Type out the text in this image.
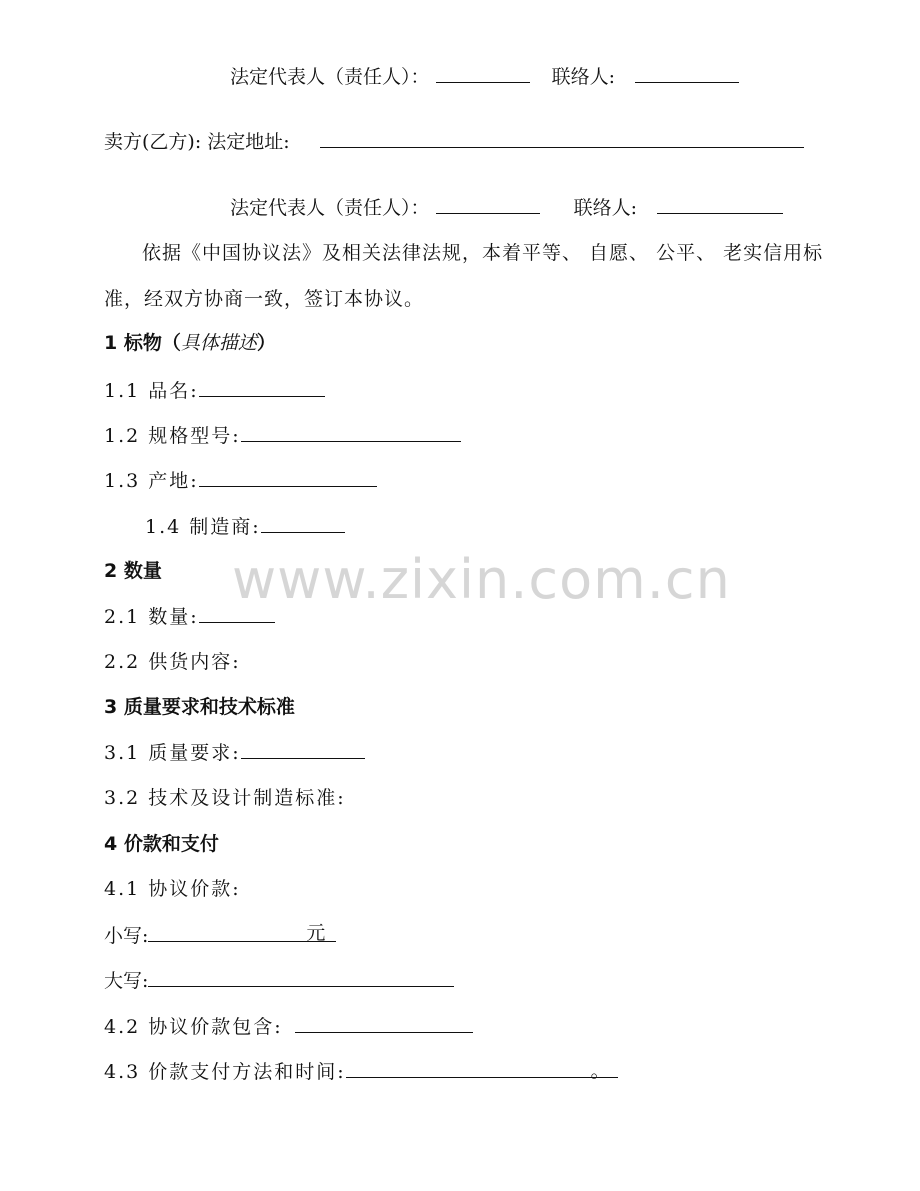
法定代表人（责任人）：	联络人:
卖方(乙方): 法定地址:
法定代表人（责任人）：	联络人:
依据《中国协议法》及相关法律法规，本着平等、 自愿、 公平、 老实信用标准，经双方协商一致，签订本协议。
1 标物（具体描述）
1.1 品名:
1.2 规格型号:
1.3 产地:
1.4 制造商:
2 数量
2.1 数量:
2.2 供货内容:
3 质量要求和技术标准
3.1 质量要求:
3.2 技术及设计制造标准:
4 价款和支付
4.1 协议价款:
小写:	元
大写:
4.2 协议价款包含:
4.3 价款支付方法和时间:	。
www.zixin.com.cn
